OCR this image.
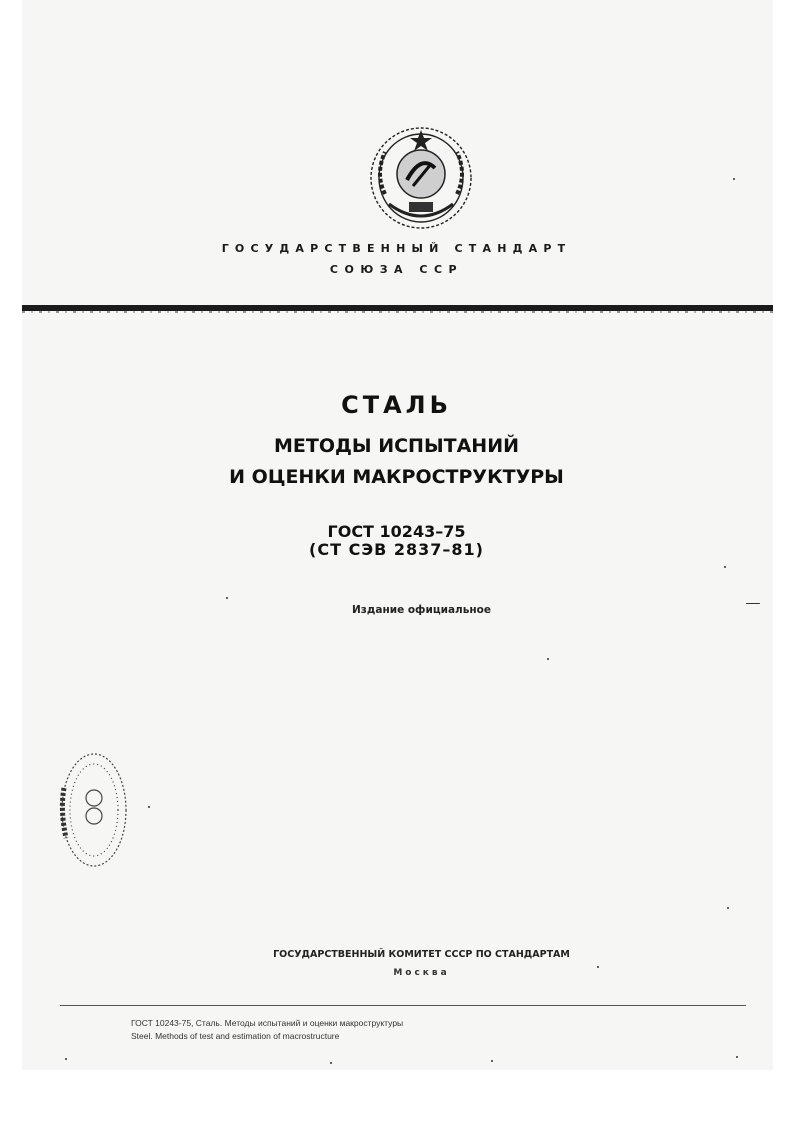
ГОСУДАРСТВЕННЫЙ СТАНДАРТ
СОЮЗА ССР
СТАЛЬ
МЕТОДЫ ИСПЫТАНИЙ
И ОЦЕНКИ МАКРОСТРУКТУРЫ
ГОСТ 10243–75
(СТ СЭВ 2837–81)
Издание официальное
ГОСУДАРСТВЕННЫЙ КОМИТЕТ СССР ПО СТАНДАРТАМ
Москва
ГОСТ 10243-75, Сталь. Методы испытаний и оценки макроструктуры
Steel. Methods of test and estimation of macrostructure
